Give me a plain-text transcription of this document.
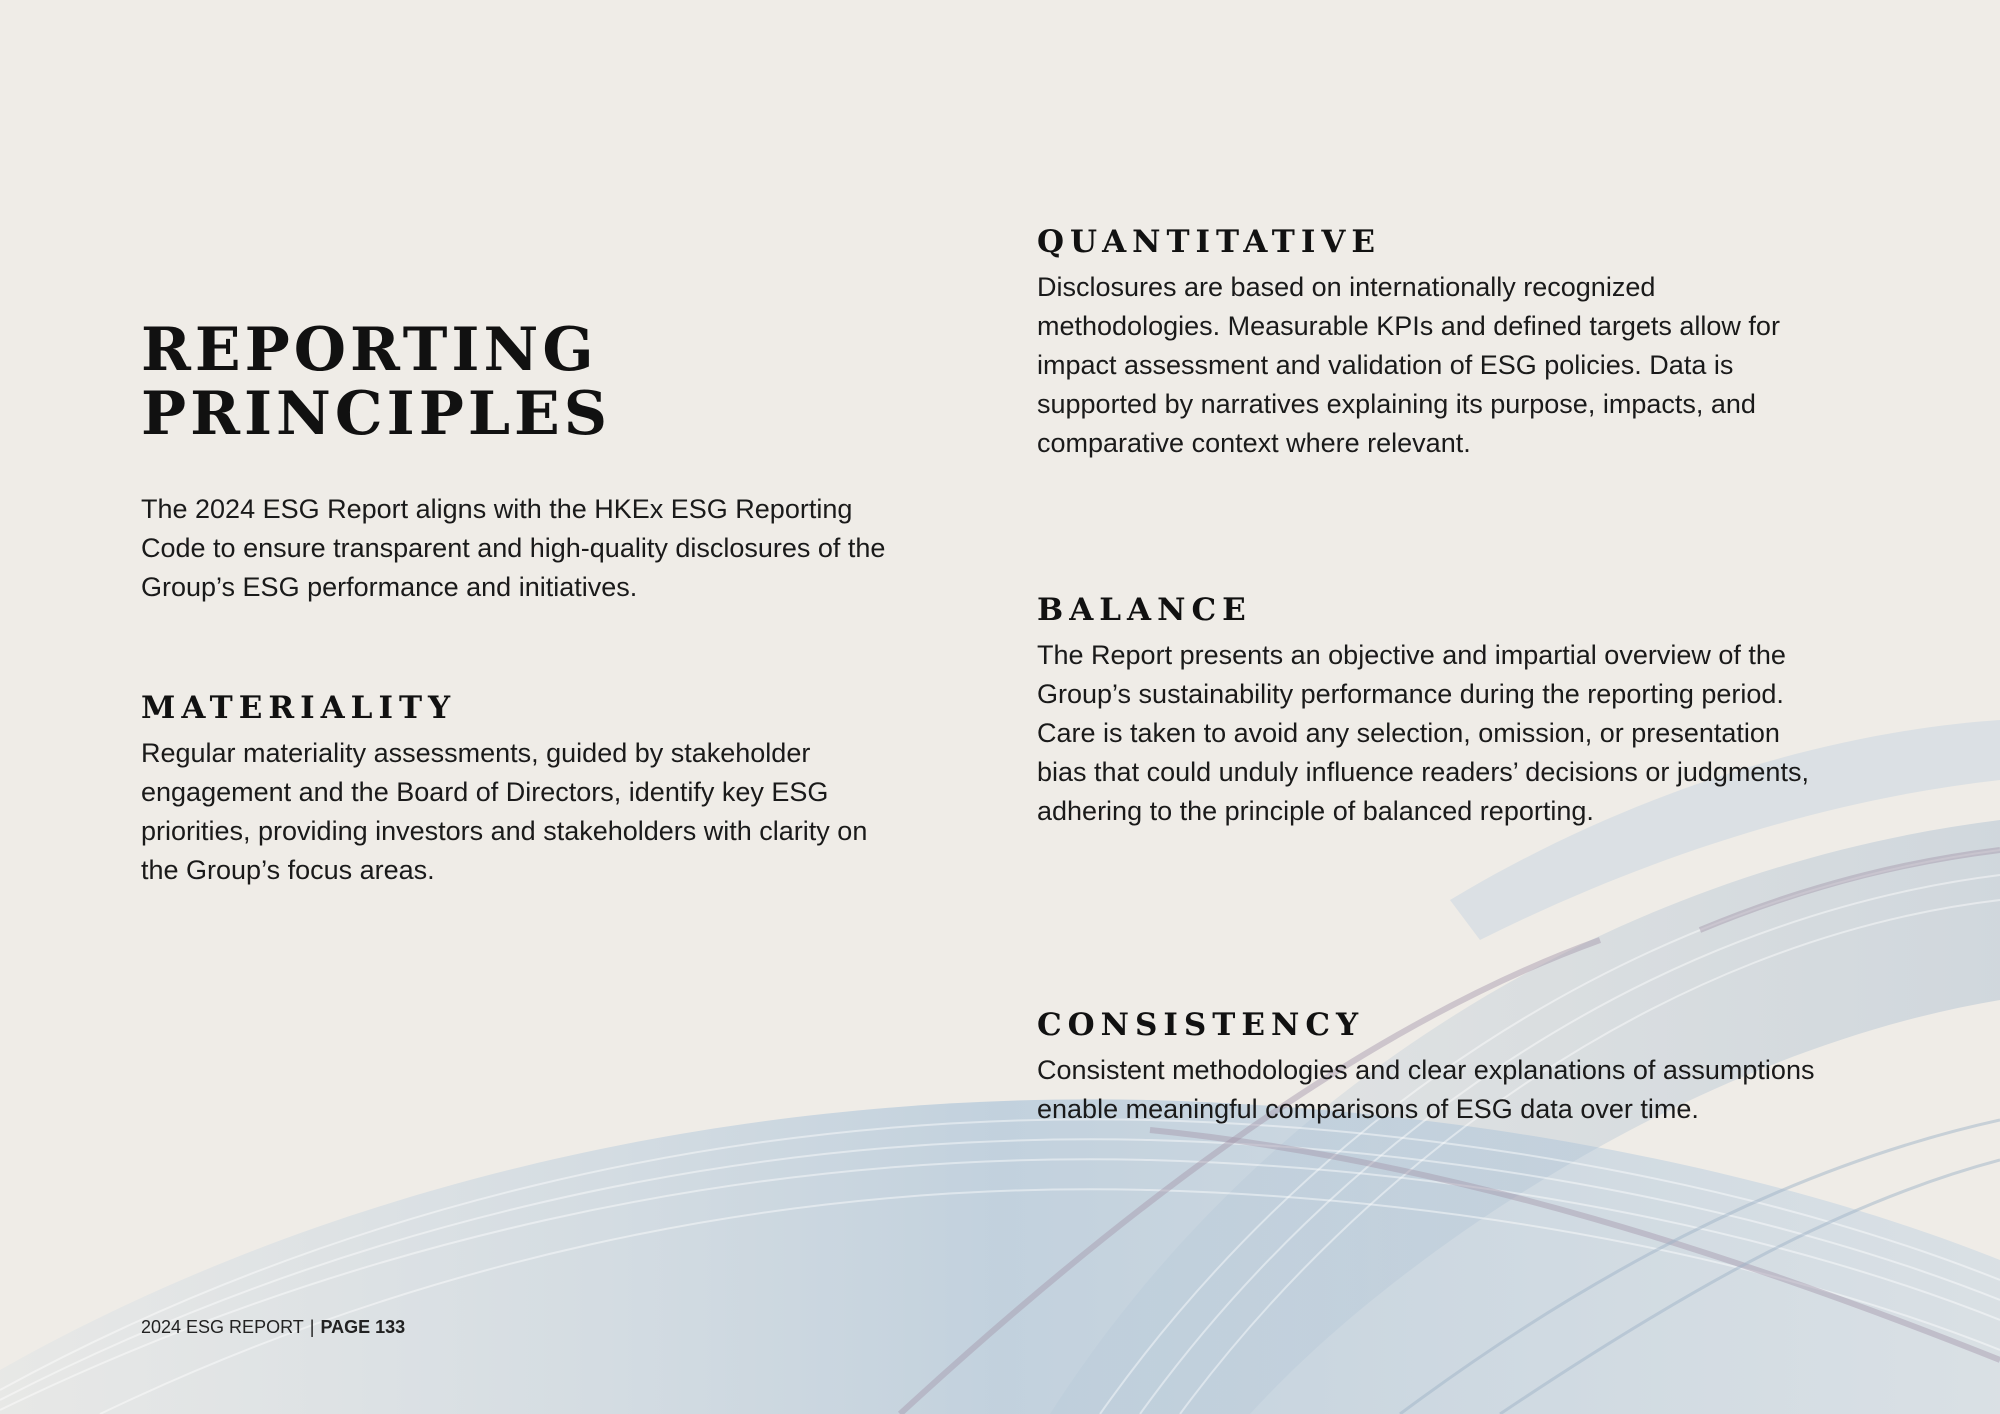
REPORTING
PRINCIPLES

The 2024 ESG Report aligns with the HKEx ESG Reporting Code to ensure transparent and high-quality disclosures of the Group’s ESG performance and initiatives.

MATERIALITY

Regular materiality assessments, guided by stakeholder engagement and the Board of Directors, identify key ESG priorities, providing investors and stakeholders with clarity on the Group’s focus areas.

QUANTITATIVE

Disclosures are based on internationally recognized methodologies. Measurable KPIs and defined targets allow for impact assessment and validation of ESG policies. Data is supported by narratives explaining its purpose, impacts, and comparative context where relevant.

BALANCE

The Report presents an objective and impartial overview of the Group’s sustainability performance during the reporting period. Care is taken to avoid any selection, omission, or presentation bias that could unduly influence readers’ decisions or judgments, adhering to the principle of balanced reporting.

CONSISTENCY

Consistent methodologies and clear explanations of assumptions enable meaningful comparisons of ESG data over time.

2024 ESG REPORT | PAGE 133
